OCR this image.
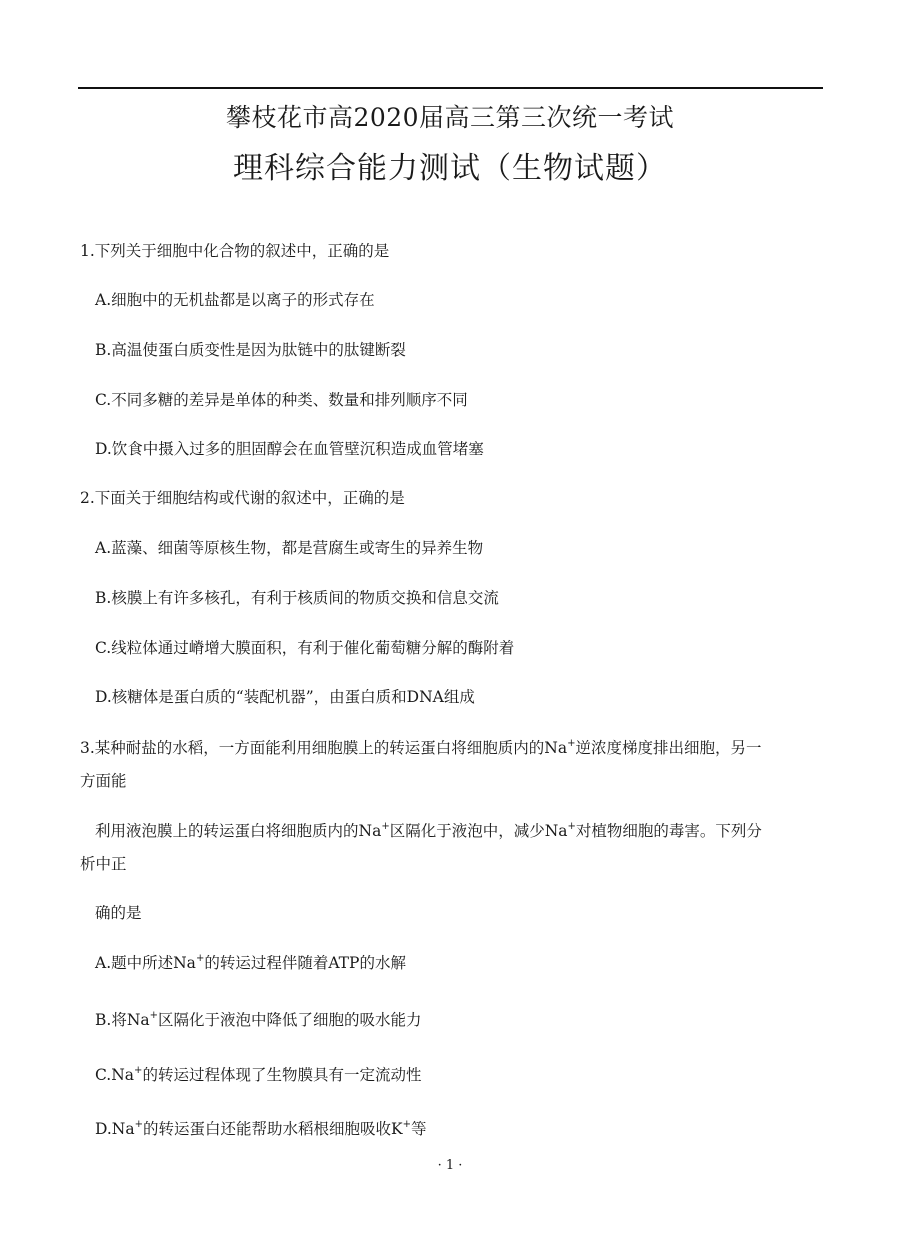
攀枝花市高2020届高三第三次统一考试
理科综合能力测试（生物试题）
1.下列关于细胞中化合物的叙述中，正确的是
A.细胞中的无机盐都是以离子的形式存在
B.高温使蛋白质变性是因为肽链中的肽键断裂
C.不同多糖的差异是单体的种类、数量和排列顺序不同
D.饮食中摄入过多的胆固醇会在血管壁沉积造成血管堵塞
2.下面关于细胞结构或代谢的叙述中，正确的是
A.蓝藻、细菌等原核生物，都是营腐生或寄生的异养生物
B.核膜上有许多核孔，有利于核质间的物质交换和信息交流
C.线粒体通过嵴增大膜面积，有利于催化葡萄糖分解的酶附着
D.核糖体是蛋白质的“装配机器”，由蛋白质和DNA组成
3.某种耐盐的水稻，一方面能利用细胞膜上的转运蛋白将细胞质内的Na+逆浓度梯度排出细胞，另一
方面能
利用液泡膜上的转运蛋白将细胞质内的Na+区隔化于液泡中，减少Na+对植物细胞的毒害。下列分
析中正
确的是
A.题中所述Na+的转运过程伴随着ATP的水解
B.将Na+区隔化于液泡中降低了细胞的吸水能力
C.Na+的转运过程体现了生物膜具有一定流动性
D.Na+的转运蛋白还能帮助水稻根细胞吸收K+等
· 1 ·
